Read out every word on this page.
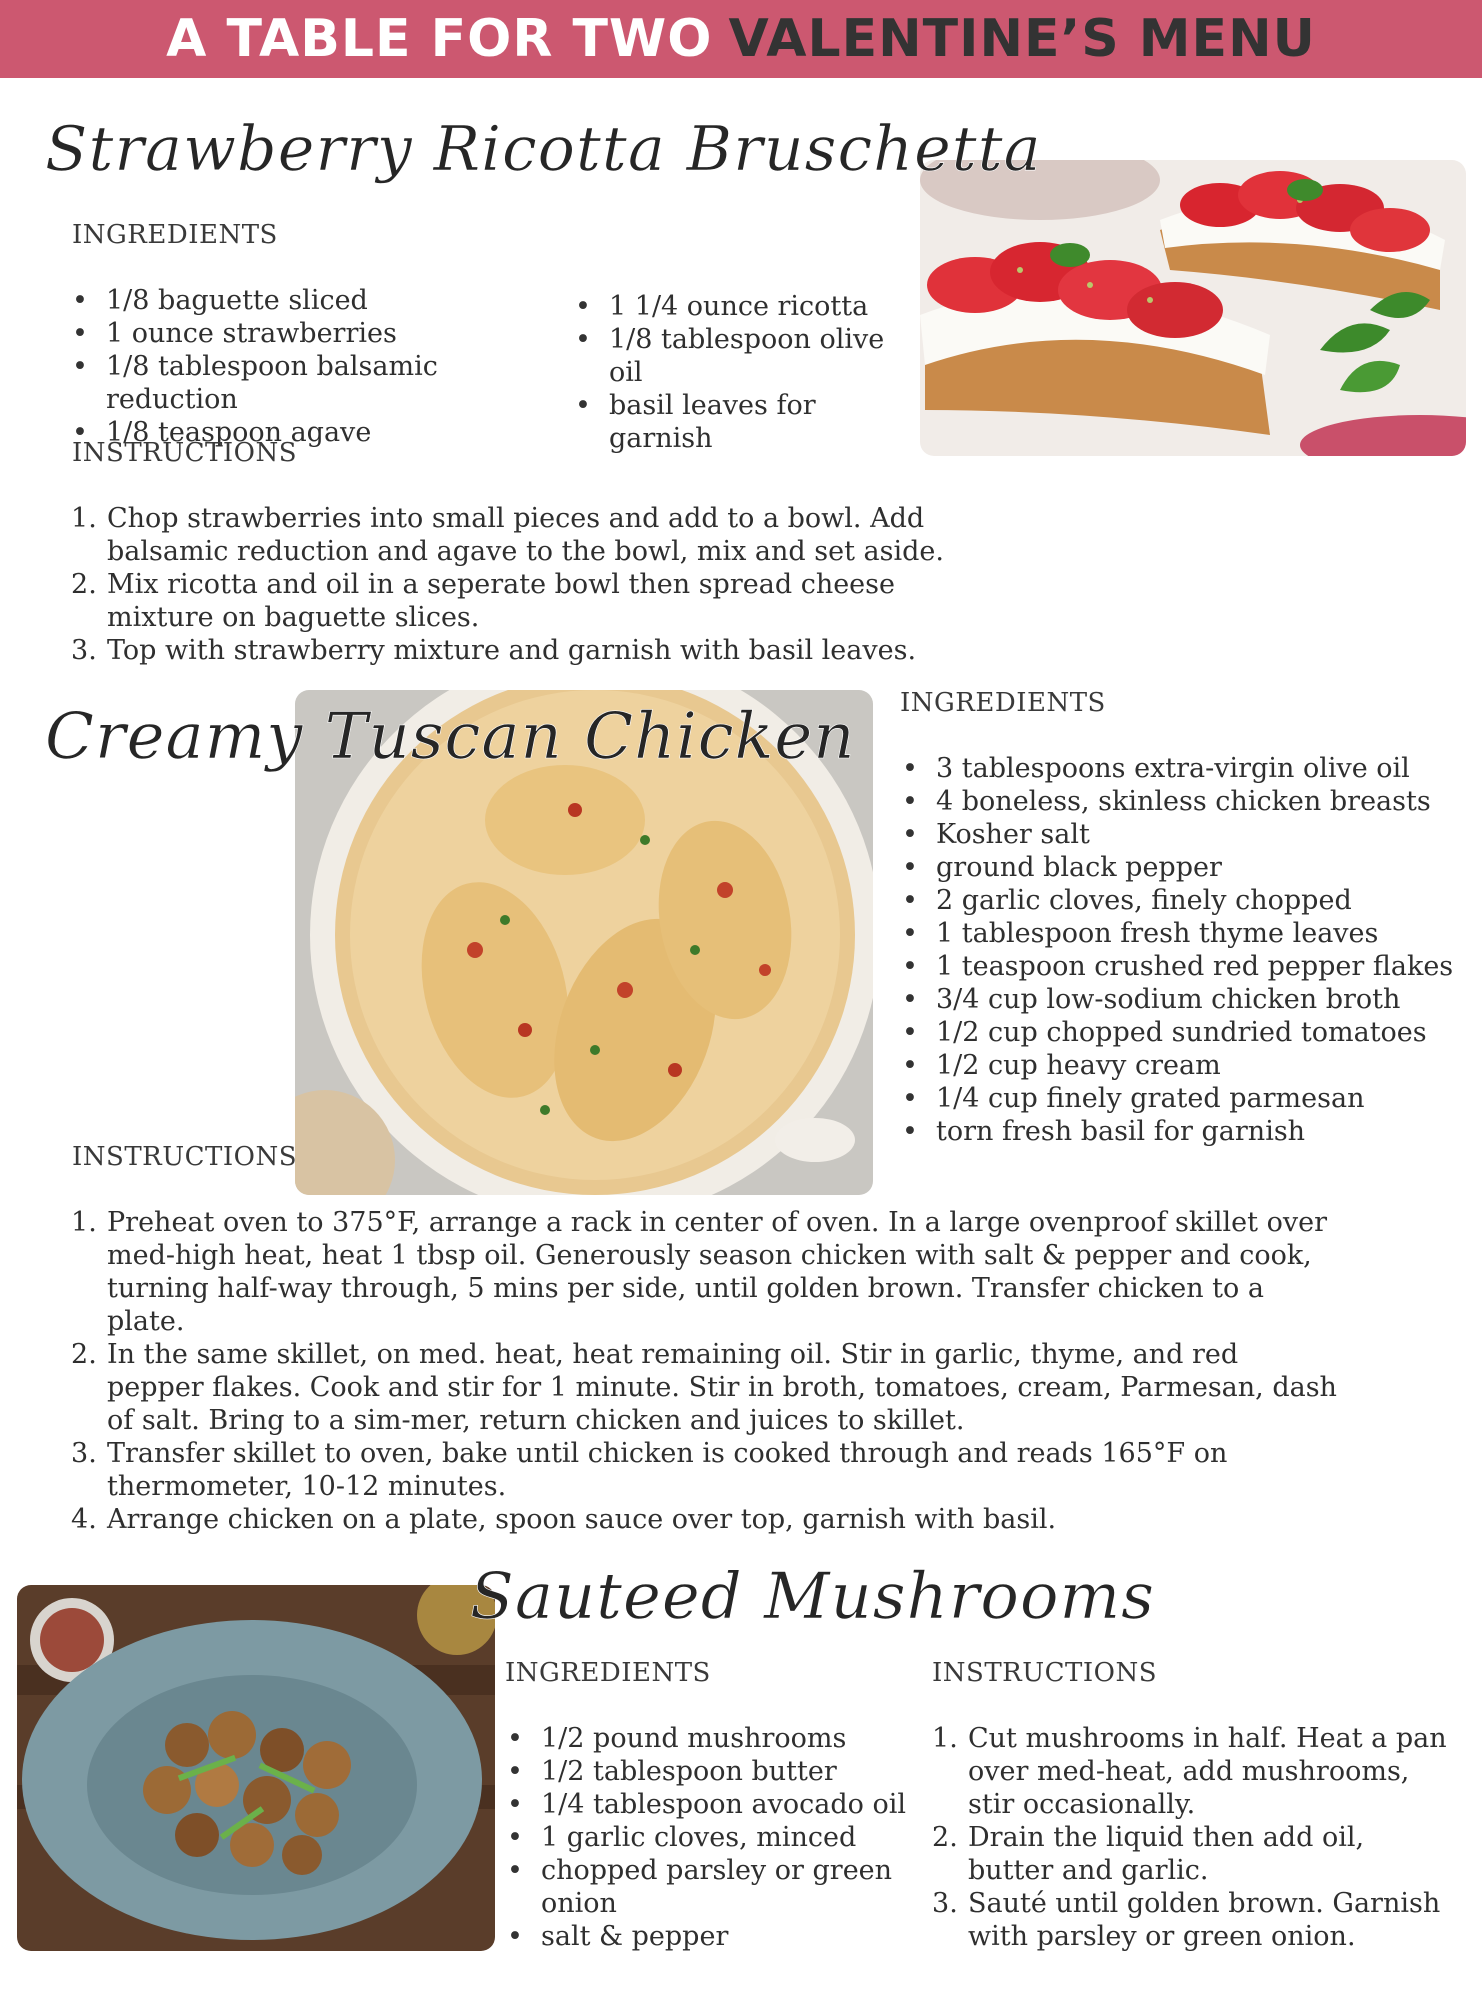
A TABLE FOR TWO VALENTINE’S MENU
Strawberry Ricotta Bruschetta
INGREDIENTS
• 1/8 baguette sliced
• 1 ounce strawberries
• 1/8 tablespoon balsamic reduction
• 1/8 teaspoon agave
• 1 1/4 ounce ricotta
• 1/8 tablespoon olive oil
• basil leaves for garnish
INSTRUCTIONS
Chop strawberries into small pieces and add to a bowl. Add balsamic reduction and agave to the bowl, mix and set aside.
Mix ricotta and oil in a seperate bowl then spread cheese mixture on baguette slices.
Top with strawberry mixture and garnish with basil leaves.
Creamy Tuscan Chicken INGREDIENTS
• 3 tablespoons extra-virgin olive oil
• 4 boneless, skinless chicken breasts
• Kosher salt
• ground black pepper
• 2 garlic cloves, finely chopped
• 1 tablespoon fresh thyme leaves
• 1 teaspoon crushed red pepper flakes
• 3/4 cup low-sodium chicken broth
• 1/2 cup chopped sundried tomatoes
• 1/2 cup heavy cream
• 1/4 cup finely grated parmesan
• torn fresh basil for garnish
INSTRUCTIONS
Preheat oven to 375°F, arrange a rack in center of oven. In a large ovenproof skillet over med-high heat, heat 1 tbsp oil. Generously season chicken with salt & pepper and cook, turning half-way through, 5 mins per side, until golden brown. Transfer chicken to a plate.
In the same skillet, on med. heat, heat remaining oil. Stir in garlic, thyme, and red pepper flakes. Cook and stir for 1 minute. Stir in broth, tomatoes, cream, Parmesan, dash of salt. Bring to a sim-mer, return chicken and juices to skillet.
Transfer skillet to oven, bake until chicken is cooked through and reads 165°F on thermometer, 10-12 minutes.
Arrange chicken on a plate, spoon sauce over top, garnish with basil.
Sauteed Mushrooms
INGREDIENTS
• 1/2 pound mushrooms
• 1/2 tablespoon butter
• 1/4 tablespoon avocado oil
• 1 garlic cloves, minced
• chopped parsley or green onion
• salt & pepper
INSTRUCTIONS
Cut mushrooms in half. Heat a pan over med-heat, add mushrooms, stir occasionally.
Drain the liquid then add oil, butter and garlic.
Sauté until golden brown. Garnish with parsley or green onion.
